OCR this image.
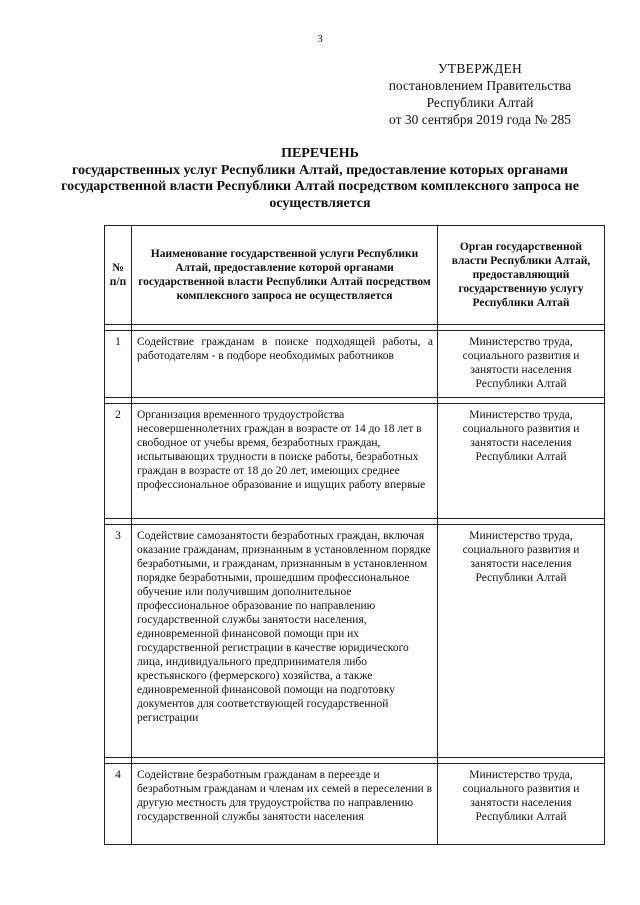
3
УТВЕРЖДЕН
постановлением Правительства
Республики Алтай
от 30 сентября 2019 года № 285
ПЕРЕЧЕНЬ
государственных услуг Республики Алтай, предоставление которых органами государственной власти Республики Алтай посредством комплексного запроса не осуществляется
№ п/п	Наименование государственной услуги Республики Алтай, предоставление которой органами государственной власти Республики Алтай посредством комплексного запроса не осуществляется	Орган государственной власти Республики Алтай, предоставляющий государственную услугу Республики Алтай

1	Содействие гражданам в поиске подходящей работы, а работодателям - в подборе необходимых работников	Министерство труда, социального развития и занятости населения Республики Алтай

2	Организация временного трудоустройства несовершеннолетних граждан в возрасте от 14 до 18 лет в свободное от учебы время, безработных граждан, испытывающих трудности в поиске работы, безработных граждан в возрасте от 18 до 20 лет, имеющих среднее профессиональное образование и ищущих работу впервые	Министерство труда, социального развития и занятости населения Республики Алтай

3	Содействие самозанятости безработных граждан, включая оказание гражданам, признанным в установленном порядке безработными, и гражданам, признанным в установленном порядке безработными, прошедшим профессиональное обучение или получившим дополнительное профессиональное образование по направлению государственной службы занятости населения, единовременной финансовой помощи при их государственной регистрации в качестве юридического лица, индивидуального предпринимателя либо крестьянского (фермерского) хозяйства, а также единовременной финансовой помощи на подготовку документов для соответствующей государственной регистрации	Министерство труда, социального развития и занятости населения Республики Алтай

4	Содействие безработным гражданам в переезде и безработным гражданам и членам их семей в переселении в другую местность для трудоустройства по направлению государственной службы занятости населения	Министерство труда, социального развития и занятости населения Республики Алтай
